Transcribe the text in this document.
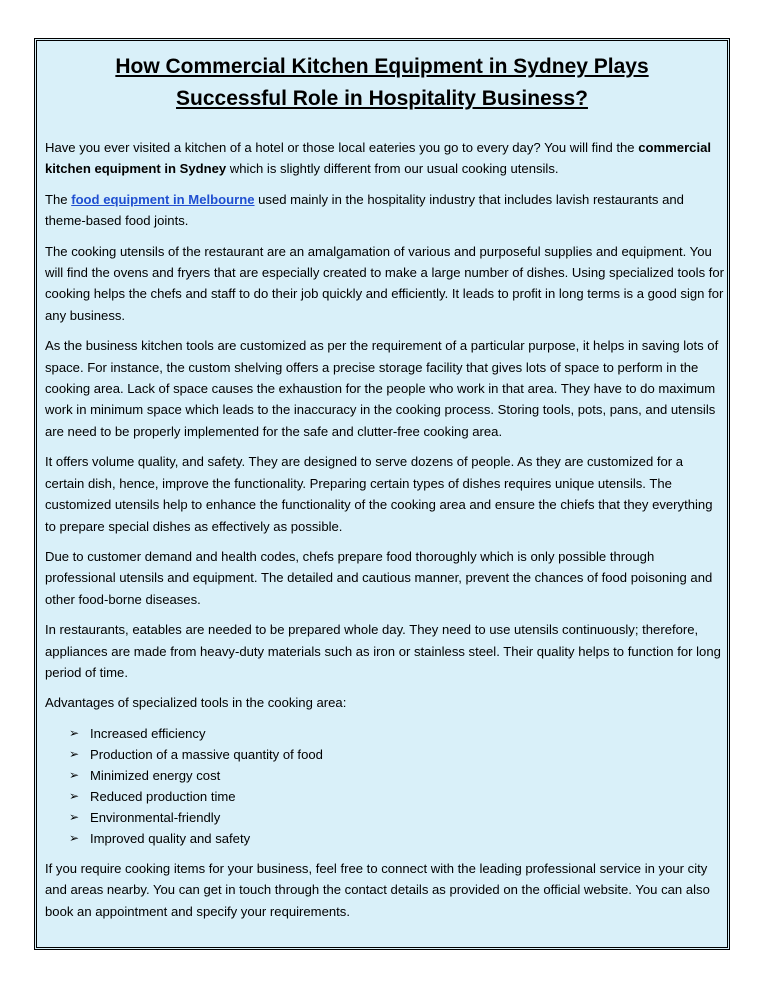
How Commercial Kitchen Equipment in Sydney Plays
Successful Role in Hospitality Business?

Have you ever visited a kitchen of a hotel or those local eateries you go to every day? You will find the commercial kitchen equipment in Sydney which is slightly different from our usual cooking utensils.

The food equipment in Melbourne used mainly in the hospitality industry that includes lavish restaurants and theme-based food joints.

The cooking utensils of the restaurant are an amalgamation of various and purposeful supplies and equipment. You will find the ovens and fryers that are especially created to make a large number of dishes. Using specialized tools for cooking helps the chefs and staff to do their job quickly and efficiently. It leads to profit in long terms is a good sign for any business.

As the business kitchen tools are customized as per the requirement of a particular purpose, it helps in saving lots of space. For instance, the custom shelving offers a precise storage facility that gives lots of space to perform in the cooking area. Lack of space causes the exhaustion for the people who work in that area. They have to do maximum work in minimum space which leads to the inaccuracy in the cooking process. Storing tools, pots, pans, and utensils are need to be properly implemented for the safe and clutter-free cooking area.

It offers volume quality, and safety. They are designed to serve dozens of people. As they are customized for a certain dish, hence, improve the functionality. Preparing certain types of dishes requires unique utensils. The customized utensils help to enhance the functionality of the cooking area and ensure the chiefs that they everything to prepare special dishes as effectively as possible.

Due to customer demand and health codes, chefs prepare food thoroughly which is only possible through professional utensils and equipment. The detailed and cautious manner, prevent the chances of food poisoning and other food-borne diseases.

In restaurants, eatables are needed to be prepared whole day. They need to use utensils continuously; therefore, appliances are made from heavy-duty materials such as iron or stainless steel. Their quality helps to function for long period of time.

Advantages of specialized tools in the cooking area:

➢ Increased efficiency
➢ Production of a massive quantity of food
➢ Minimized energy cost
➢ Reduced production time
➢ Environmental-friendly
➢ Improved quality and safety

If you require cooking items for your business, feel free to connect with the leading professional service in your city and areas nearby. You can get in touch through the contact details as provided on the official website. You can also book an appointment and specify your requirements.
